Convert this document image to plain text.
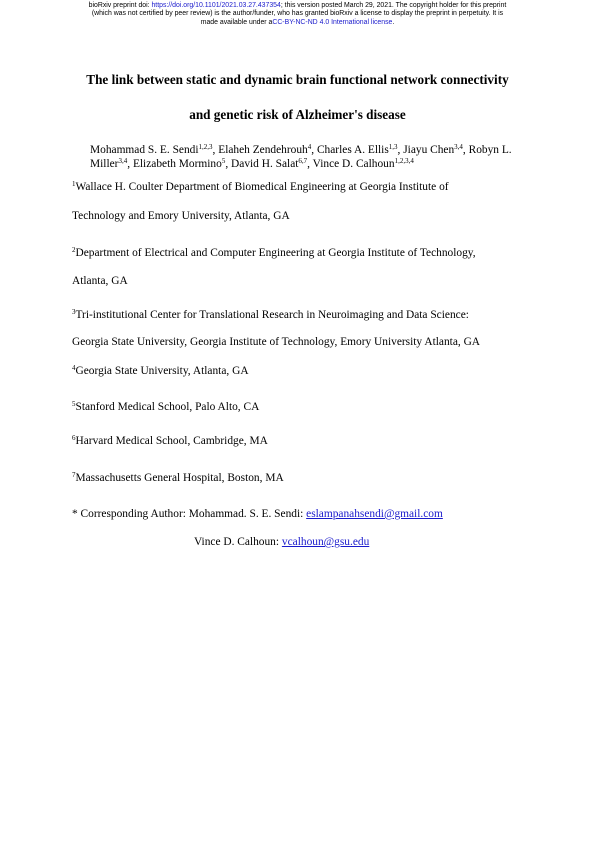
bioRxiv preprint doi: https://doi.org/10.1101/2021.03.27.437354; this version posted March 29, 2021. The copyright holder for this preprint
(which was not certified by peer review) is the author/funder, who has granted bioRxiv a license to display the preprint in perpetuity. It is
made available under aCC-BY-NC-ND 4.0 International license.
The link between static and dynamic brain functional network connectivity
and genetic risk of Alzheimer's disease
Mohammad S. E. Sendi$^{1,2,3}$, Elaheh Zendehrouh$^4$, Charles A. Ellis$^{1,3}$, Jiayu Chen$^{3,4}$, Robyn L. Miller$^{3,4}$, Elizabeth Mormino$^5$, David H. Salat$^{6,7}$, Vince D. Calhoun$^{1,2,3,4}$
$^1$Wallace H. Coulter Department of Biomedical Engineering at Georgia Institute of
Technology and Emory University, Atlanta, GA
$^2$Department of Electrical and Computer Engineering at Georgia Institute of Technology,
Atlanta, GA
$^3$Tri-institutional Center for Translational Research in Neuroimaging and Data Science:
Georgia State University, Georgia Institute of Technology, Emory University Atlanta, GA
$^4$Georgia State University, Atlanta, GA
$^5$Stanford Medical School, Palo Alto, CA
$^6$Harvard Medical School, Cambridge, MA
$^7$Massachusetts General Hospital, Boston, MA
* Corresponding Author: Mohammad. S. E. Sendi: eslampanahsendi@gmail.com
Vince D. Calhoun: vcalhoun@gsu.edu
